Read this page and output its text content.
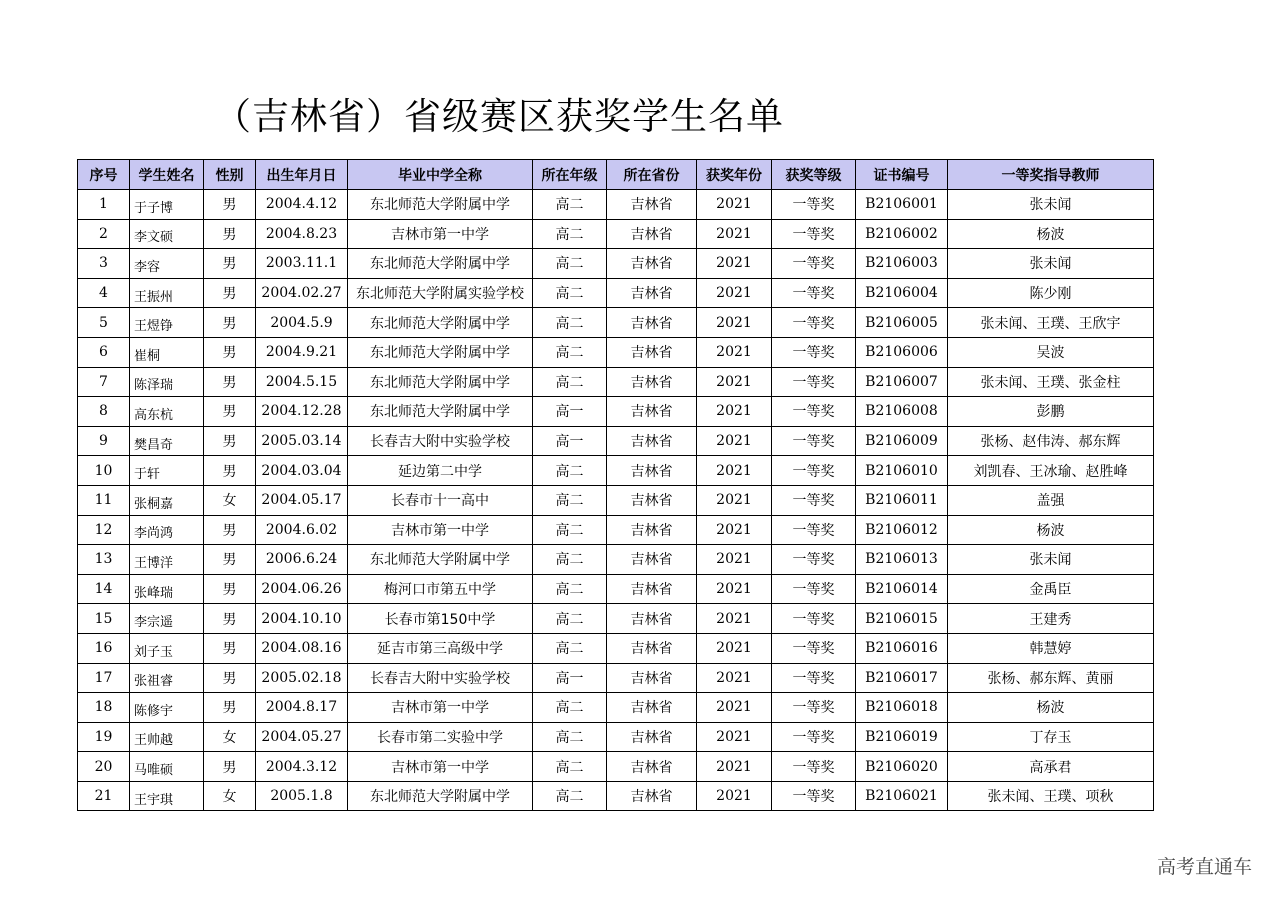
（吉林省）省级赛区获奖学生名单
序号	学生姓名	性别	出生年月日	毕业中学全称	所在年级	所在省份	获奖年份	获奖等级	证书编号	一等奖指导教师
1	于子博	男	2004.4.12	东北师范大学附属中学	高二	吉林省	2021	一等奖	B2106001	张未闻
2	李文硕	男	2004.8.23	吉林市第一中学	高二	吉林省	2021	一等奖	B2106002	杨波
3	李容	男	2003.11.1	东北师范大学附属中学	高二	吉林省	2021	一等奖	B2106003	张未闻
4	王振州	男	2004.02.27	东北师范大学附属实验学校	高二	吉林省	2021	一等奖	B2106004	陈少刚
5	王煜铮	男	2004.5.9	东北师范大学附属中学	高二	吉林省	2021	一等奖	B2106005	张未闻、王璞、王欣宇
6	崔桐	男	2004.9.21	东北师范大学附属中学	高二	吉林省	2021	一等奖	B2106006	吴波
7	陈泽瑞	男	2004.5.15	东北师范大学附属中学	高二	吉林省	2021	一等奖	B2106007	张未闻、王璞、张金柱
8	高东杭	男	2004.12.28	东北师范大学附属中学	高一	吉林省	2021	一等奖	B2106008	彭鹏
9	樊昌奇	男	2005.03.14	长春吉大附中实验学校	高一	吉林省	2021	一等奖	B2106009	张杨、赵伟涛、郝东辉
10	于轩	男	2004.03.04	延边第二中学	高二	吉林省	2021	一等奖	B2106010	刘凯春、王冰瑜、赵胜峰
11	张桐嘉	女	2004.05.17	长春市十一高中	高二	吉林省	2021	一等奖	B2106011	盖强
12	李尚鸿	男	2004.6.02	吉林市第一中学	高二	吉林省	2021	一等奖	B2106012	杨波
13	王博洋	男	2006.6.24	东北师范大学附属中学	高二	吉林省	2021	一等奖	B2106013	张未闻
14	张峰瑞	男	2004.06.26	梅河口市第五中学	高二	吉林省	2021	一等奖	B2106014	金禹臣
15	李宗遥	男	2004.10.10	长春市第150中学	高二	吉林省	2021	一等奖	B2106015	王建秀
16	刘子玉	男	2004.08.16	延吉市第三高级中学	高二	吉林省	2021	一等奖	B2106016	韩慧婷
17	张祖睿	男	2005.02.18	长春吉大附中实验学校	高一	吉林省	2021	一等奖	B2106017	张杨、郝东辉、黄丽
18	陈修宇	男	2004.8.17	吉林市第一中学	高二	吉林省	2021	一等奖	B2106018	杨波
19	王帅越	女	2004.05.27	长春市第二实验中学	高二	吉林省	2021	一等奖	B2106019	丁存玉
20	马唯硕	男	2004.3.12	吉林市第一中学	高二	吉林省	2021	一等奖	B2106020	高承君
21	王宇琪	女	2005.1.8	东北师范大学附属中学	高二	吉林省	2021	一等奖	B2106021	张未闻、王璞、项秋
高考直通车
